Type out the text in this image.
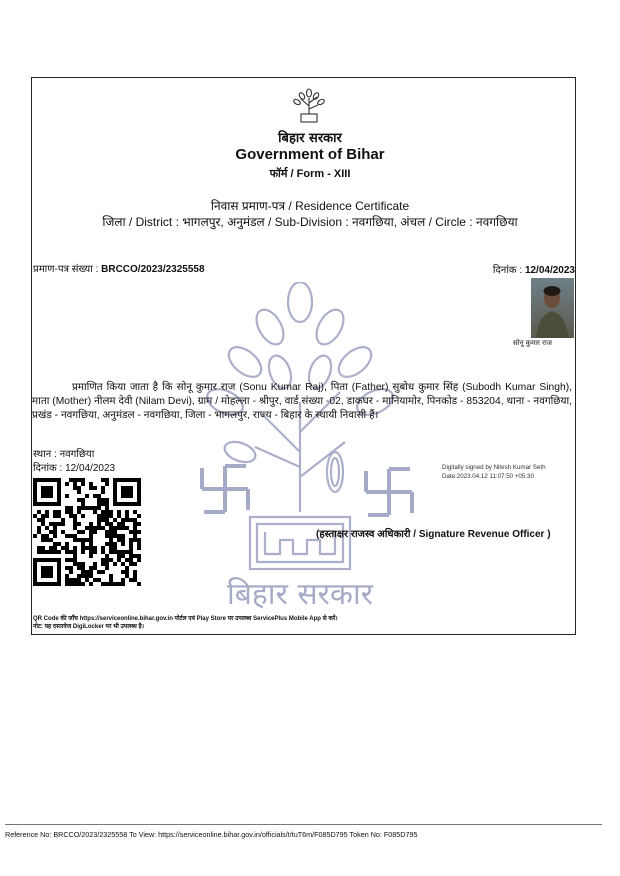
बिहार सरकार
बिहार सरकार
Government of Bihar
फॉर्म / Form - XIII
निवास प्रमाण-पत्र / Residence Certificate
जिला / District : भागलपुर, अनुमंडल / Sub-Division : नवगछिया, अंचल / Circle : नवगछिया
प्रमाण-पत्र संख्या : BRCCO/2023/2325558	दिनांक : 12/04/2023
सोनू कुमार राज
प्रमाणित किया जाता है कि सोनू कुमार राज (Sonu Kumar Raj), पिता (Father) सुबोध कुमार सिंह (Subodh Kumar Singh), माता (Mother) नीलम देवी (Nilam Devi), ग्राम / मोहल्ला - श्रीपुर, वार्ड संख्या -02, डाकघर - मानियामोर, पिनकोड - 853204, थाना - नवगछिया, प्रखंड - नवगछिया, अनुमंडल - नवगछिया, जिला - भागलपुर, राज्य - बिहार के स्थायी निवासी हैं।
स्थान : नवगछिया
दिनांक : 12/04/2023	Digitally signed by Nitesh Kumar Seth
Date:2023.04.12 11:07:50 +05:30
(हस्ताक्षर राजस्व अधिकारी / Signature Revenue Officer )
QR Code की जाँच https://serviceonline.bihar.gov.in पोर्टल एवं Play Store पर उपलब्ध ServicePlus Mobile App से करें।
नोट: यह दस्तावेज DigiLocker पर भी उपलब्ध है।
Reference No: BRCCO/2023/2325558 To View: https://serviceonline.bihar.gov.in/officials/t/tuT6m/F085D795 Token No: F085D795
